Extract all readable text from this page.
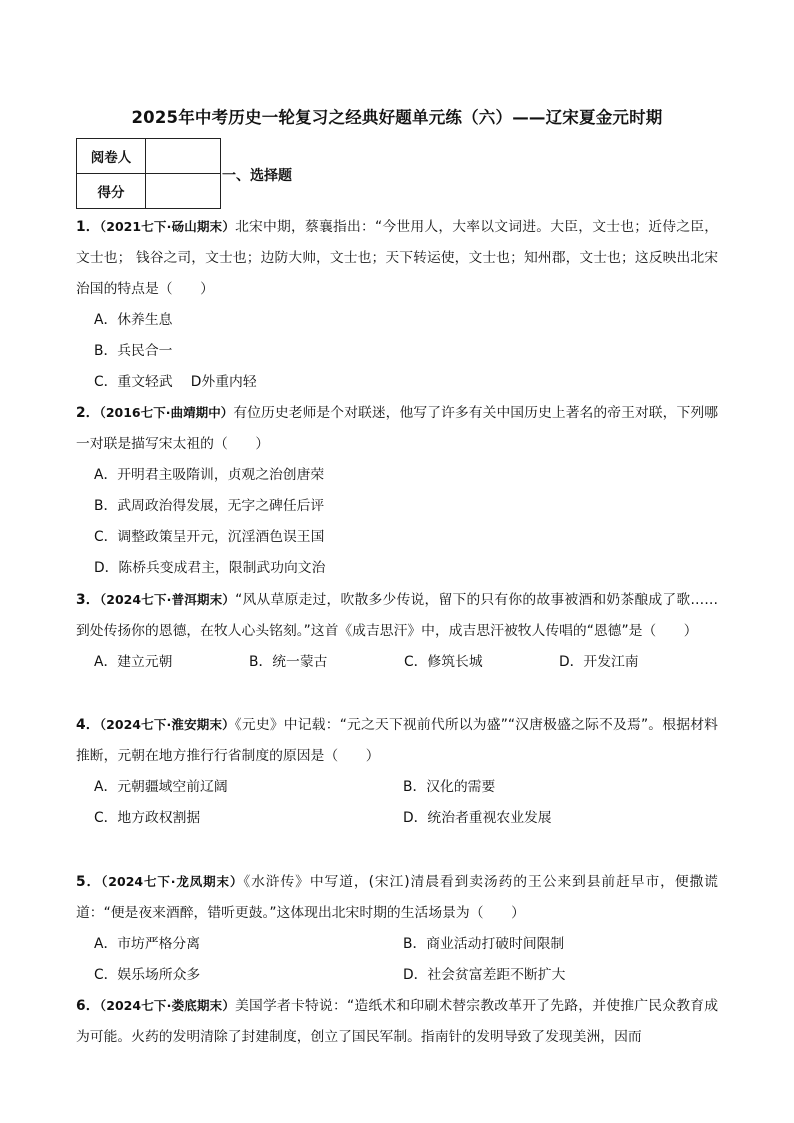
2025年中考历史一轮复习之经典好题单元练（六）——辽宋夏金元时期
阅卷人	
得分	
一、选择题
1．（2021七下·砀山期末）北宋中期，蔡襄指出：“今世用人，大率以文词进。大臣，文士也；近侍之臣，文士也； 钱谷之司，文士也；边防大帅，文士也；天下转运使，文士也；知州郡，文士也；这反映出北宋治国的特点是（　　）
A．休养生息
B．兵民合一
C．重文轻武　 D外重内轻
2．（2016七下·曲靖期中）有位历史老师是个对联迷，他写了许多有关中国历史上著名的帝王对联，下列哪一对联是描写宋太祖的（　　）
A．开明君主吸隋训，贞观之治创唐荣
B．武周政治得发展，无字之碑任后评
C．调整政策呈开元，沉淫酒色误王国
D．陈桥兵变成君主，限制武功向文治
3．（2024七下·普洱期末）“风从草原走过，吹散多少传说，留下的只有你的故事被酒和奶茶酿成了歌……到处传扬你的恩德，在牧人心头铭刻。”这首《成吉思汗》中，成吉思汗被牧人传唱的“恩德”是（　　）
A．建立元朝	B．统一蒙古	C．修筑长城	D．开发江南
4．（2024七下·淮安期末）《元史》中记载：“元之天下视前代所以为盛”“汉唐极盛之际不及焉”。根据材料推断，元朝在地方推行行省制度的原因是（　　）
A．元朝疆域空前辽阔	B．汉化的需要
C．地方政权割据	D．统治者重视农业发展
5．（2024七下·龙凤期末）《水浒传》中写道，(宋江)清晨看到卖汤药的王公来到县前赶早市，便撒谎道：“便是夜来酒醉，错听更鼓。”这体现出北宋时期的生活场景为（　　）
A．市坊严格分离	B．商业活动打破时间限制
C．娱乐场所众多	D．社会贫富差距不断扩大
6．（2024七下·娄底期末）美国学者卡特说：“造纸术和印刷术替宗教改革开了先路，并使推广民众教育成为可能。火药的发明清除了封建制度，创立了国民军制。指南针的发明导致了发现美洲，因而
